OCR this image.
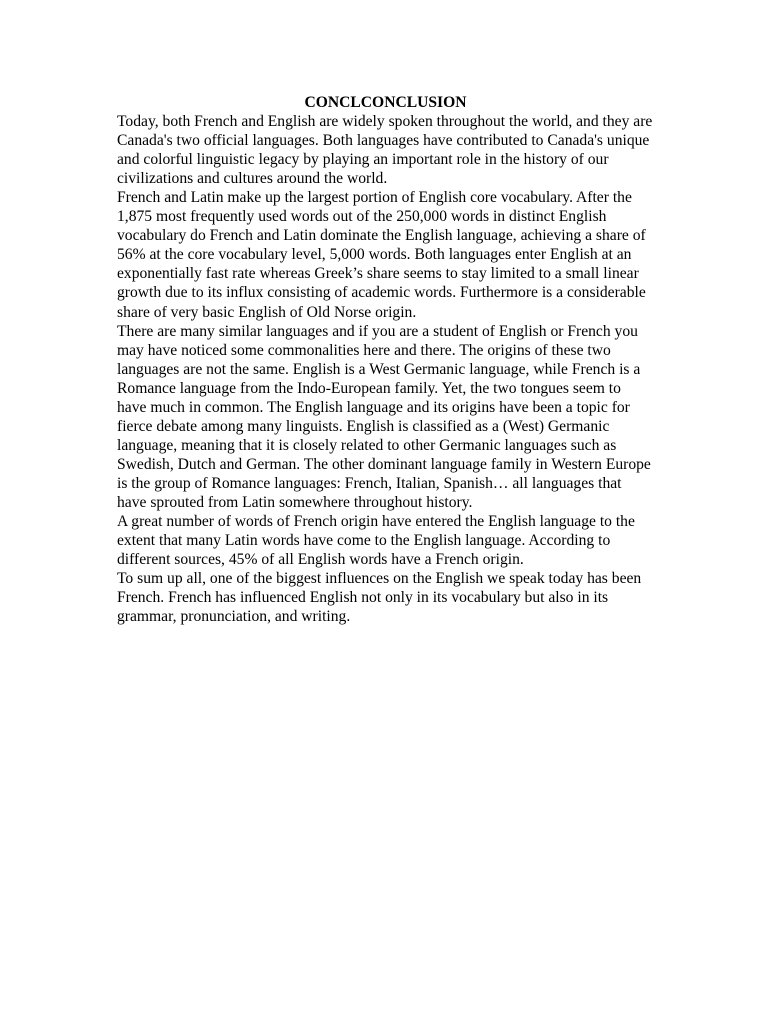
CONCLCONCLUSION

Today, both French and English are widely spoken throughout the world, and they are Canada's two official languages. Both languages have contributed to Canada's unique and colorful linguistic legacy by playing an important role in the history of our civilizations and cultures around the world.

French and Latin make up the largest portion of English core vocabulary. After the 1,875 most frequently used words out of the 250,000 words in distinct English vocabulary do French and Latin dominate the English language, achieving a share of 56% at the core vocabulary level, 5,000 words. Both languages enter English at an exponentially fast rate whereas Greek’s share seems to stay limited to a small linear growth due to its influx consisting of academic words. Furthermore is a considerable share of very basic English of Old Norse origin.

There are many similar languages and if you are a student of English or French you may have noticed some commonalities here and there. The origins of these two languages are not the same. English is a West Germanic language, while French is a Romance language from the Indo-European family. Yet, the two tongues seem to have much in common. The English language and its origins have been a topic for fierce debate among many linguists. English is classified as a (West) Germanic language, meaning that it is closely related to other Germanic languages such as Swedish, Dutch and German. The other dominant language family in Western Europe is the group of Romance languages: French, Italian, Spanish… all languages that have sprouted from Latin somewhere throughout history.

A great number of words of French origin have entered the English language to the extent that many Latin words have come to the English language. According to different sources, 45% of all English words have a French origin.

To sum up all, one of the biggest influences on the English we speak today has been French. French has influenced English not only in its vocabulary but also in its grammar, pronunciation, and writing.
